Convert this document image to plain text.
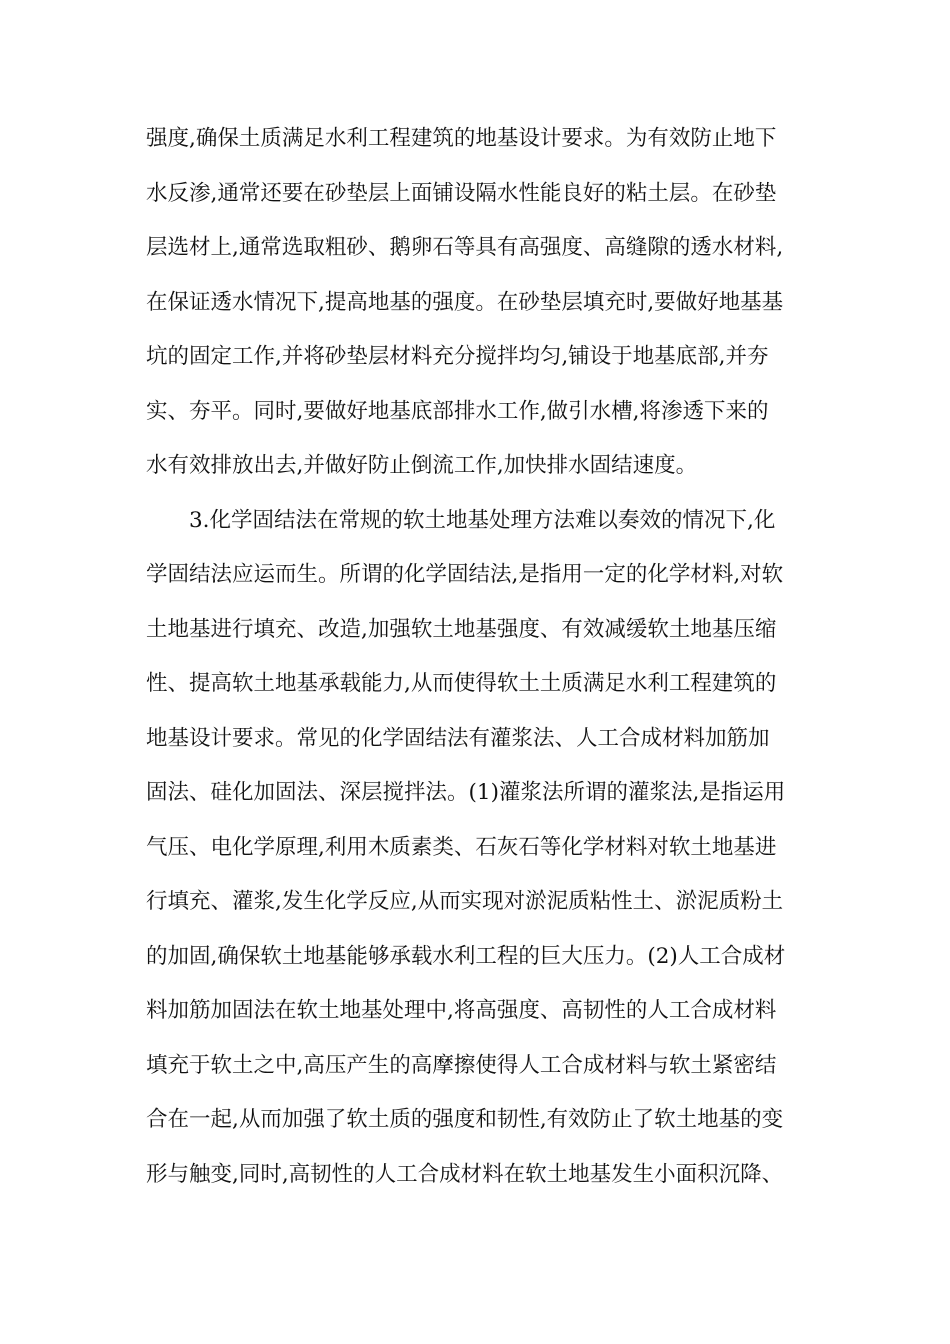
强度,确保土质满足水利工程建筑的地基设计要求。为有效防止地下
水反渗,通常还要在砂垫层上面铺设隔水性能良好的粘土层。在砂垫
层选材上,通常选取粗砂、鹅卵石等具有高强度、高缝隙的透水材料,
在保证透水情况下,提高地基的强度。在砂垫层填充时,要做好地基基
坑的固定工作,并将砂垫层材料充分搅拌均匀,铺设于地基底部,并夯
实、夯平。同时,要做好地基底部排水工作,做引水槽,将渗透下来的
水有效排放出去,并做好防止倒流工作,加快排水固结速度。
3.化学固结法在常规的软土地基处理方法难以奏效的情况下,化
学固结法应运而生。所谓的化学固结法,是指用一定的化学材料,对软
土地基进行填充、改造,加强软土地基强度、有效减缓软土地基压缩
性、提高软土地基承载能力,从而使得软土土质满足水利工程建筑的
地基设计要求。常见的化学固结法有灌浆法、人工合成材料加筋加
固法、硅化加固法、深层搅拌法。(1)灌浆法所谓的灌浆法,是指运用
气压、电化学原理,利用木质素类、石灰石等化学材料对软土地基进
行填充、灌浆,发生化学反应,从而实现对淤泥质粘性土、淤泥质粉土
的加固,确保软土地基能够承载水利工程的巨大压力。(2)人工合成材
料加筋加固法在软土地基处理中,将高强度、高韧性的人工合成材料
填充于软土之中,高压产生的高摩擦使得人工合成材料与软土紧密结
合在一起,从而加强了软土质的强度和韧性,有效防止了软土地基的变
形与触变,同时,高韧性的人工合成材料在软土地基发生小面积沉降、
